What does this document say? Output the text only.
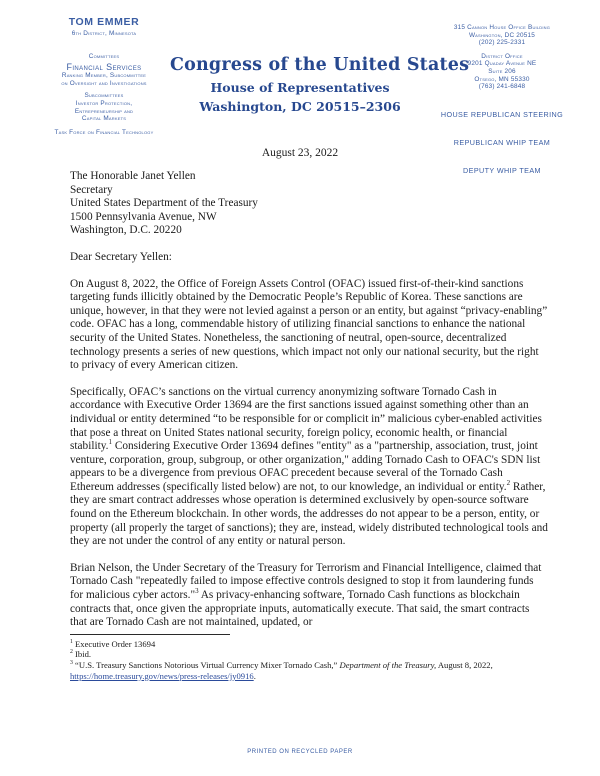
TOM EMMER
6th District, Minnesota
Committees
Financial Services
Ranking Member, Subcommittee
on Oversight and Investigations
Subcommittees
Investor Protection,
Entrepreneurship and
Capital Markets
Task Force on Financial Technology
Congress of the United States
House of Representatives
Washington, DC 20515–2306
315 Cannon House Office Building
Washington, DC 20515
(202) 225-2331
District Office
9201 Quaday Avenue NE
Suite 206
Otsego, MN 55330
(763) 241-6848
HOUSE REPUBLICAN STEERING
REPUBLICAN WHIP TEAM
DEPUTY WHIP TEAM
August 23, 2022
The Honorable Janet Yellen
Secretary
United States Department of the Treasury
1500 Pennsylvania Avenue, NW
Washington, D.C. 20220
Dear Secretary Yellen:
On August 8, 2022, the Office of Foreign Assets Control (OFAC) issued first-of-their-kind sanctions targeting funds illicitly obtained by the Democratic People’s Republic of Korea. These sanctions are unique, however, in that they were not levied against a person or an entity, but against “privacy-enabling” code. OFAC has a long, commendable history of utilizing financial sanctions to enhance the national security of the United States. Nonetheless, the sanctioning of neutral, open-source, decentralized technology presents a series of new questions, which impact not only our national security, but the right to privacy of every American citizen.
Specifically, OFAC’s sanctions on the virtual currency anonymizing software Tornado Cash in accordance with Executive Order 13694 are the first sanctions issued against something other than an individual or entity determined “to be responsible for or complicit in” malicious cyber-enabled activities that pose a threat on United States national security, foreign policy, economic health, or financial stability.$^1$ Considering Executive Order 13694 defines "entity" as a "partnership, association, trust, joint venture, corporation, group, subgroup, or other organization," adding Tornado Cash to OFAC's SDN list appears to be a divergence from previous OFAC precedent because several of the Tornado Cash Ethereum addresses (specifically listed below) are not, to our knowledge, an individual or entity.$^2$ Rather, they are smart contract addresses whose operation is determined exclusively by open-source software found on the Ethereum blockchain. In other words, the addresses do not appear to be a person, entity, or property (all properly the target of sanctions); they are, instead, widely distributed technological tools and they are not under the control of any entity or natural person.
Brian Nelson, the Under Secretary of the Treasury for Terrorism and Financial Intelligence, claimed that Tornado Cash "repeatedly failed to impose effective controls designed to stop it from laundering funds for malicious cyber actors."$^3$ As privacy-enhancing software, Tornado Cash functions as blockchain contracts that, once given the appropriate inputs, automatically execute. That said, the smart contracts that are Tornado Cash are not maintained, updated, or
$^1$ Executive Order 13694
$^2$ Ibid.
$^3$ “U.S. Treasury Sanctions Notorious Virtual Currency Mixer Tornado Cash,” Department of the Treasury, August 8, 2022, https://home.treasury.gov/news/press-releases/jy0916.
PRINTED ON RECYCLED PAPER
